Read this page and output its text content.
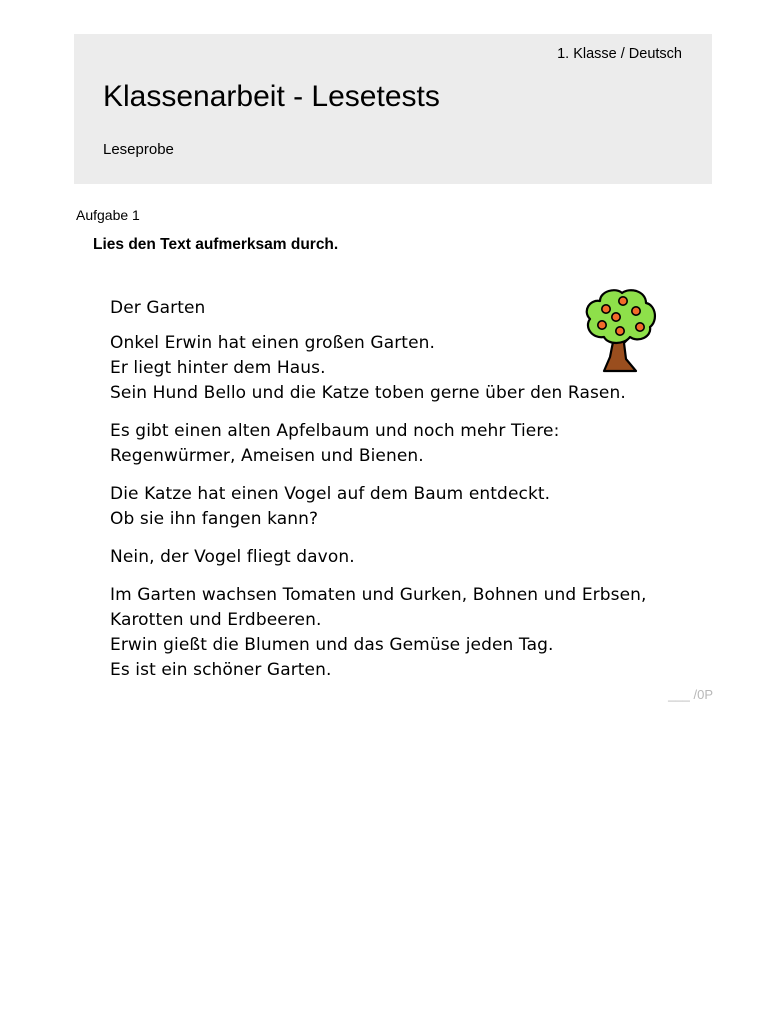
1. Klasse / Deutsch
Klassenarbeit - Lesetests
Leseprobe
Aufgabe 1
Lies den Text aufmerksam durch.
Der Garten
Onkel Erwin hat einen großen Garten.
Er liegt hinter dem Haus.
Sein Hund Bello und die Katze toben gerne über den Rasen.
Es gibt einen alten Apfelbaum und noch mehr Tiere:
Regenwürmer, Ameisen und Bienen.
Die Katze hat einen Vogel auf dem Baum entdeckt.
Ob sie ihn fangen kann?
Nein, der Vogel fliegt davon.
Im Garten wachsen Tomaten und Gurken, Bohnen und Erbsen,
Karotten und Erdbeeren.
Erwin gießt die Blumen und das Gemüse jeden Tag.
Es ist ein schöner Garten.
___ /0P
